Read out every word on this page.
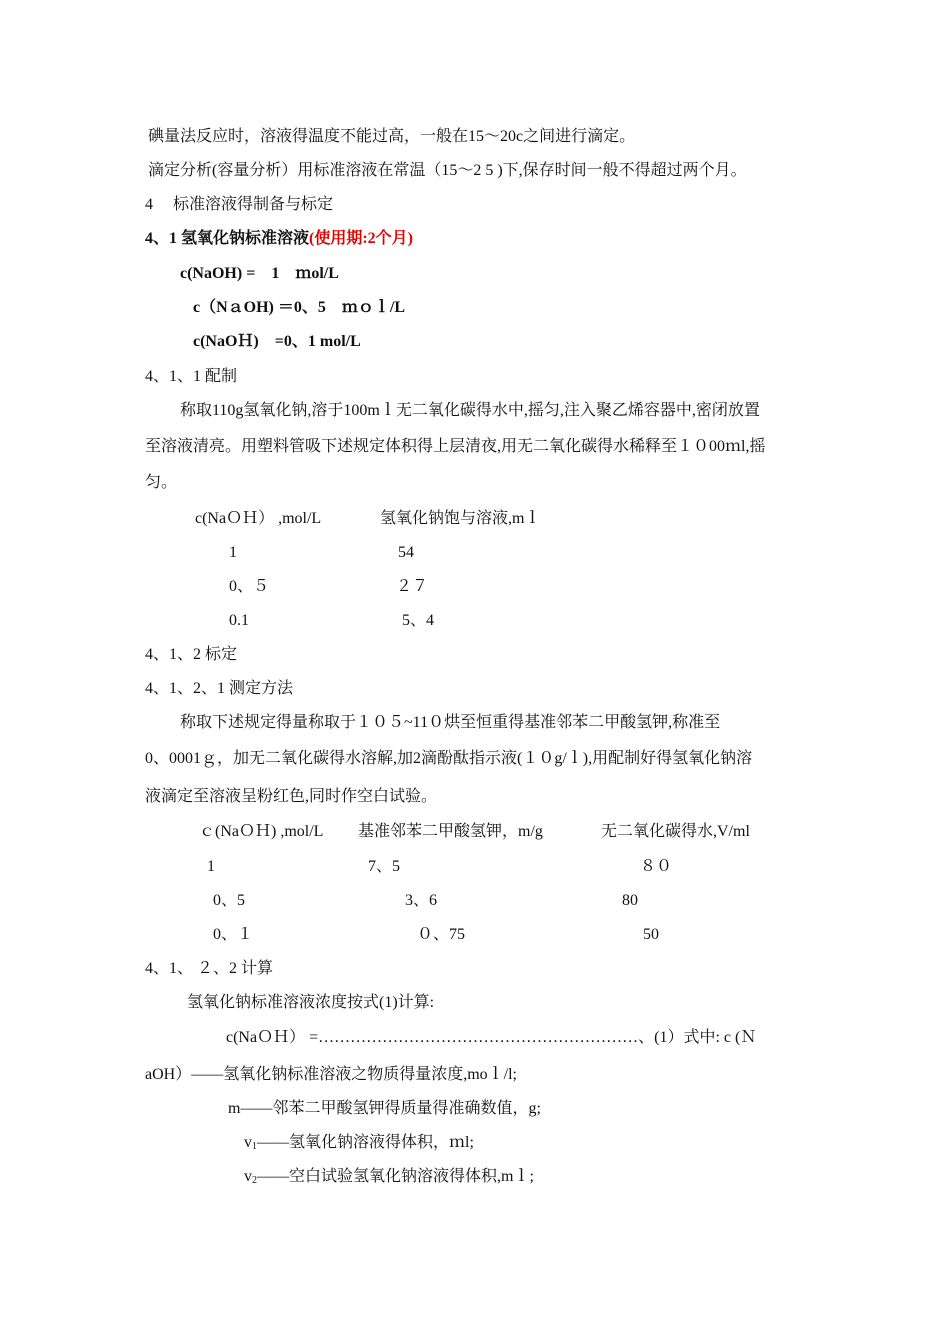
碘量法反应时，溶液得温度不能过高，一般在15～20c之间进行滴定。
滴定分析(容量分析）用标准溶液在常温（15～2 5 )下,保存时间一般不得超过两个月。
4　 标准溶液得制备与标定
4、1 氢氧化钠标准溶液(使用期:2个月)
c(NaOH) =　1　ｍol/L
c（NａOH) ＝0、5　ｍｏｌ/L
c(NaOＨ)　=0、1 mol/L
4、1、1 配制
称取110g氢氧化钠,溶于100mｌ无二氧化碳得水中,摇匀,注入聚乙烯容器中,密闭放置
至溶液清亮。用塑料管吸下述规定体积得上层清夜,用无二氧化碳得水稀释至１０00ｍl,摇
匀。
c(NaＯＨ） ,mol/L	氢氧化钠饱与溶液,mｌ
1	54
0、５	２７
0.1	5、4
4、1、2 标定
4、1、2、1 测定方法
称取下述规定得量称取于１０５~11０烘至恒重得基准邻苯二甲酸氢钾,称准至
0、0001ｇ，加无二氧化碳得水溶解,加2滴酚酞指示液(１０g/ｌ),用配制好得氢氧化钠溶
液滴定至溶液呈粉红色,同时作空白试验。
ｃ(NaＯＨ) ,mol/L 基准邻苯二甲酸氢钾，m/g	无二氧化碳得水,V/ml
1	7、5	８０
0、5	3、6	80
0、１	０、75	50
4、1、 ２、2 计算
氢氧化钠标准溶液浓度按式(1)计算:
c(NaＯＨ） =……………………………………………………、(1）式中: c (Ｎ
aOH）——氢氧化钠标准溶液之物质得量浓度,moｌ/l;
m——邻苯二甲酸氢钾得质量得准确数值，g;
$v_1——$氢氧化钠溶液得体积，ｍl;
$v_2——$空白试验氢氧化钠溶液得体积,mｌ;
